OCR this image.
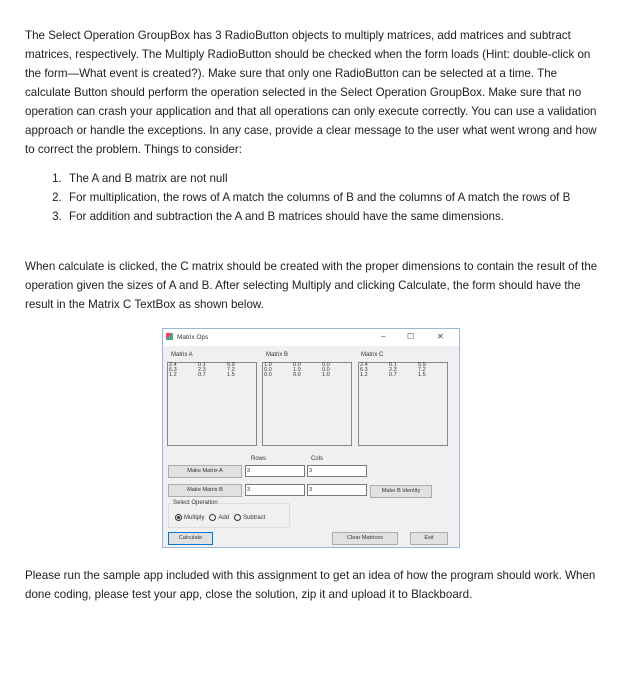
The Select Operation GroupBox has 3 RadioButton objects to multiply matrices, add matrices and subtract matrices, respectively. The Multiply RadioButton should be checked when the form loads (Hint: double-click on the form—What event is created?). Make sure that only one RadioButton can be selected at a time. The calculate Button should perform the operation selected in the Select Operation GroupBox. Make sure that no operation can crash your application and that all operations can only execute correctly. You can use a validation approach or handle the exceptions. In any case, provide a clear message to the user what went wrong and how to correct the problem. Things to consider:
1. The A and B matrix are not null
2. For multiplication, the rows of A match the columns of B and the columns of A match the rows of B
3. For addition and subtraction the A and B matrices should have the same dimensions.
When calculate is clicked, the C matrix should be created with the proper dimensions to contain the result of the operation given the sizes of A and B. After selecting Multiply and clicking Calculate, the form should have the result in the Matrix C TextBox as shown below.
Matrix Ops	–	☐	✕
Matrix A	Matrix B	Matrix C
2.4	0.1	5.9
6.3	2.3	7.2
1.2	0.7	1.5
1.0	0.0	0.0
0.0	1.0	0.0
0.0	0.0	1.0
2.4	0.1	5.9
6.3	2.3	7.2
1.2	0.7	1.5
Rows	Cols
Make Matrix A	3	3
Make Matrix B	3	3	Make B Identity
Select Operation
Multiply Add Subtract
Calculate	Clear Matrices	Exit
Please run the sample app included with this assignment to get an idea of how the program should work. When done coding, please test your app, close the solution, zip it and upload it to Blackboard.
